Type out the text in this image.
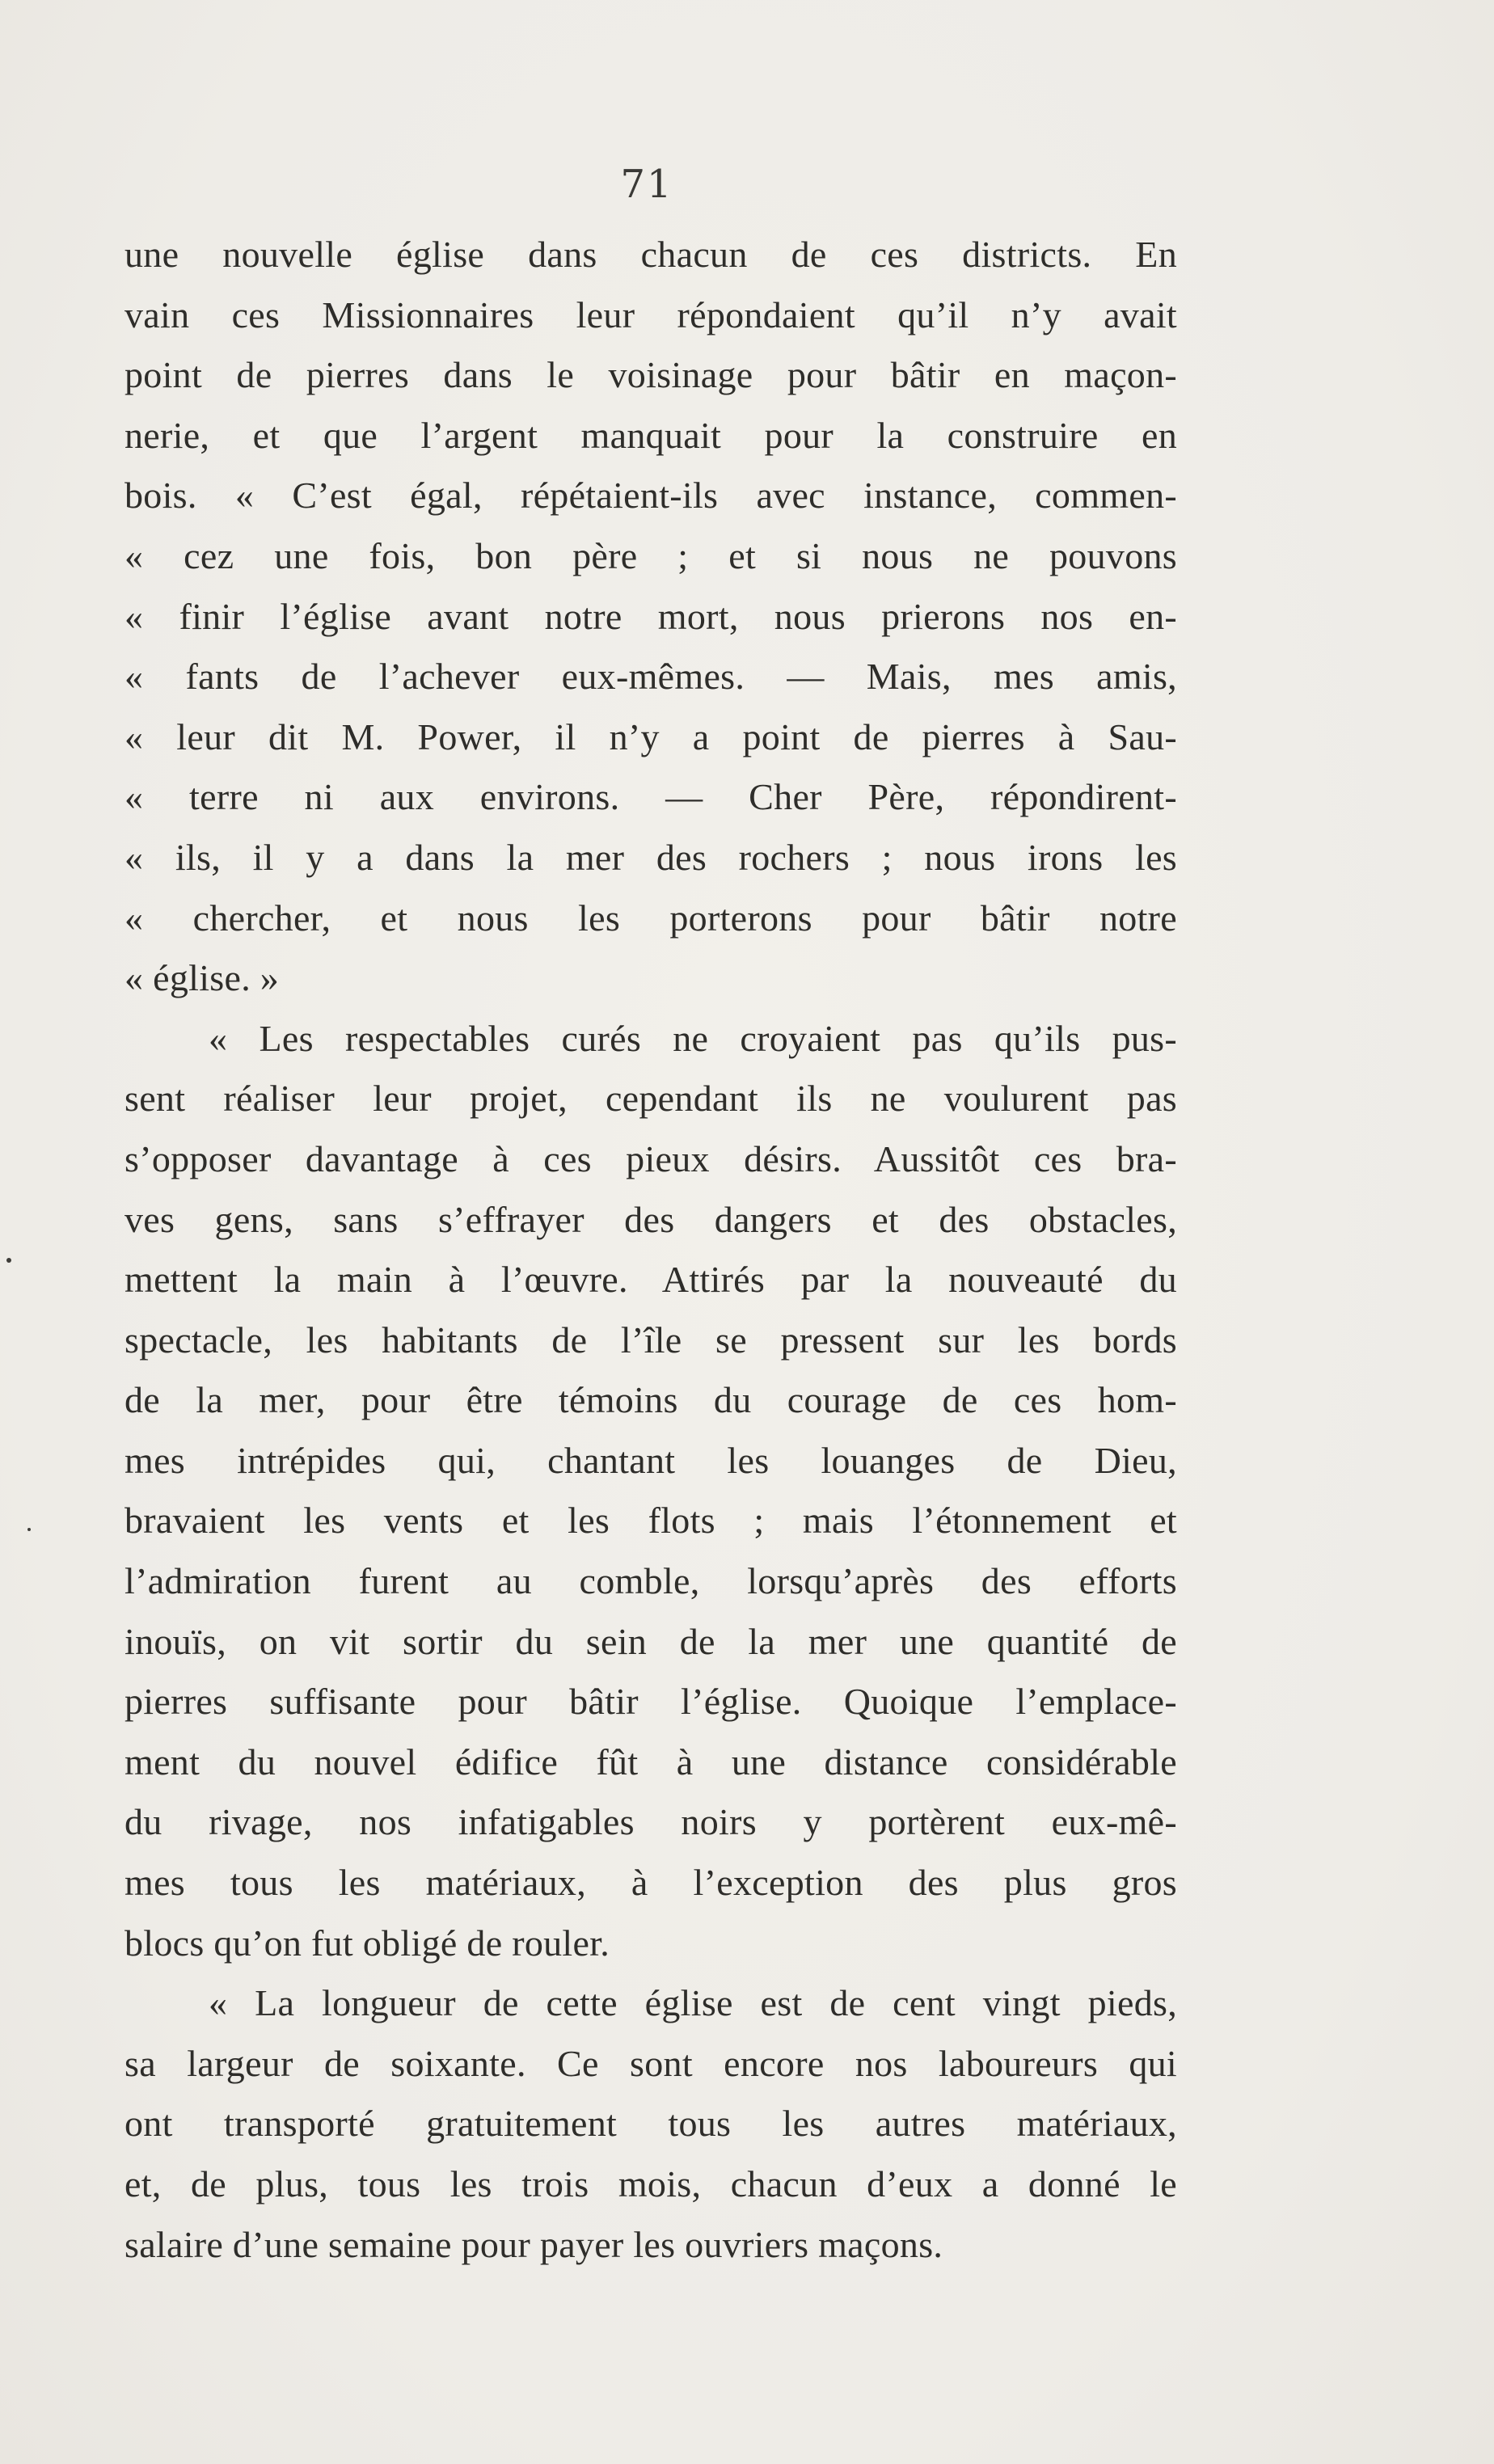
71
une nouvelle église dans chacun de ces districts. En
vain ces Missionnaires leur répondaient qu’il n’y avait
point de pierres dans le voisinage pour bâtir en maçon-
nerie, et que l’argent manquait pour la construire en
bois. « C’est égal, répétaient-ils avec instance, commen-
« cez une fois, bon père ; et si nous ne pouvons
« finir l’église avant notre mort, nous prierons nos en-
« fants de l’achever eux-mêmes. — Mais, mes amis,
« leur dit M. Power, il n’y a point de pierres à Sau-
« terre ni aux environs. — Cher Père, répondirent-
« ils, il y a dans la mer des rochers ; nous irons les
« chercher, et nous les porterons pour bâtir notre
« église. »
« Les respectables curés ne croyaient pas qu’ils pus-
sent réaliser leur projet, cependant ils ne voulurent pas
s’opposer davantage à ces pieux désirs. Aussitôt ces bra-
ves gens, sans s’effrayer des dangers et des obstacles,
mettent la main à l’œuvre. Attirés par la nouveauté du
spectacle, les habitants de l’île se pressent sur les bords
de la mer, pour être témoins du courage de ces hom-
mes intrépides qui, chantant les louanges de Dieu,
bravaient les vents et les flots ; mais l’étonnement et
l’admiration furent au comble, lorsqu’après des efforts
inouïs, on vit sortir du sein de la mer une quantité de
pierres suffisante pour bâtir l’église. Quoique l’emplace-
ment du nouvel édifice fût à une distance considérable
du rivage, nos infatigables noirs y portèrent eux-mê-
mes tous les matériaux, à l’exception des plus gros
blocs qu’on fut obligé de rouler.
« La longueur de cette église est de cent vingt pieds,
sa largeur de soixante. Ce sont encore nos laboureurs qui
ont transporté gratuitement tous les autres matériaux,
et, de plus, tous les trois mois, chacun d’eux a donné le
salaire d’une semaine pour payer les ouvriers maçons.
